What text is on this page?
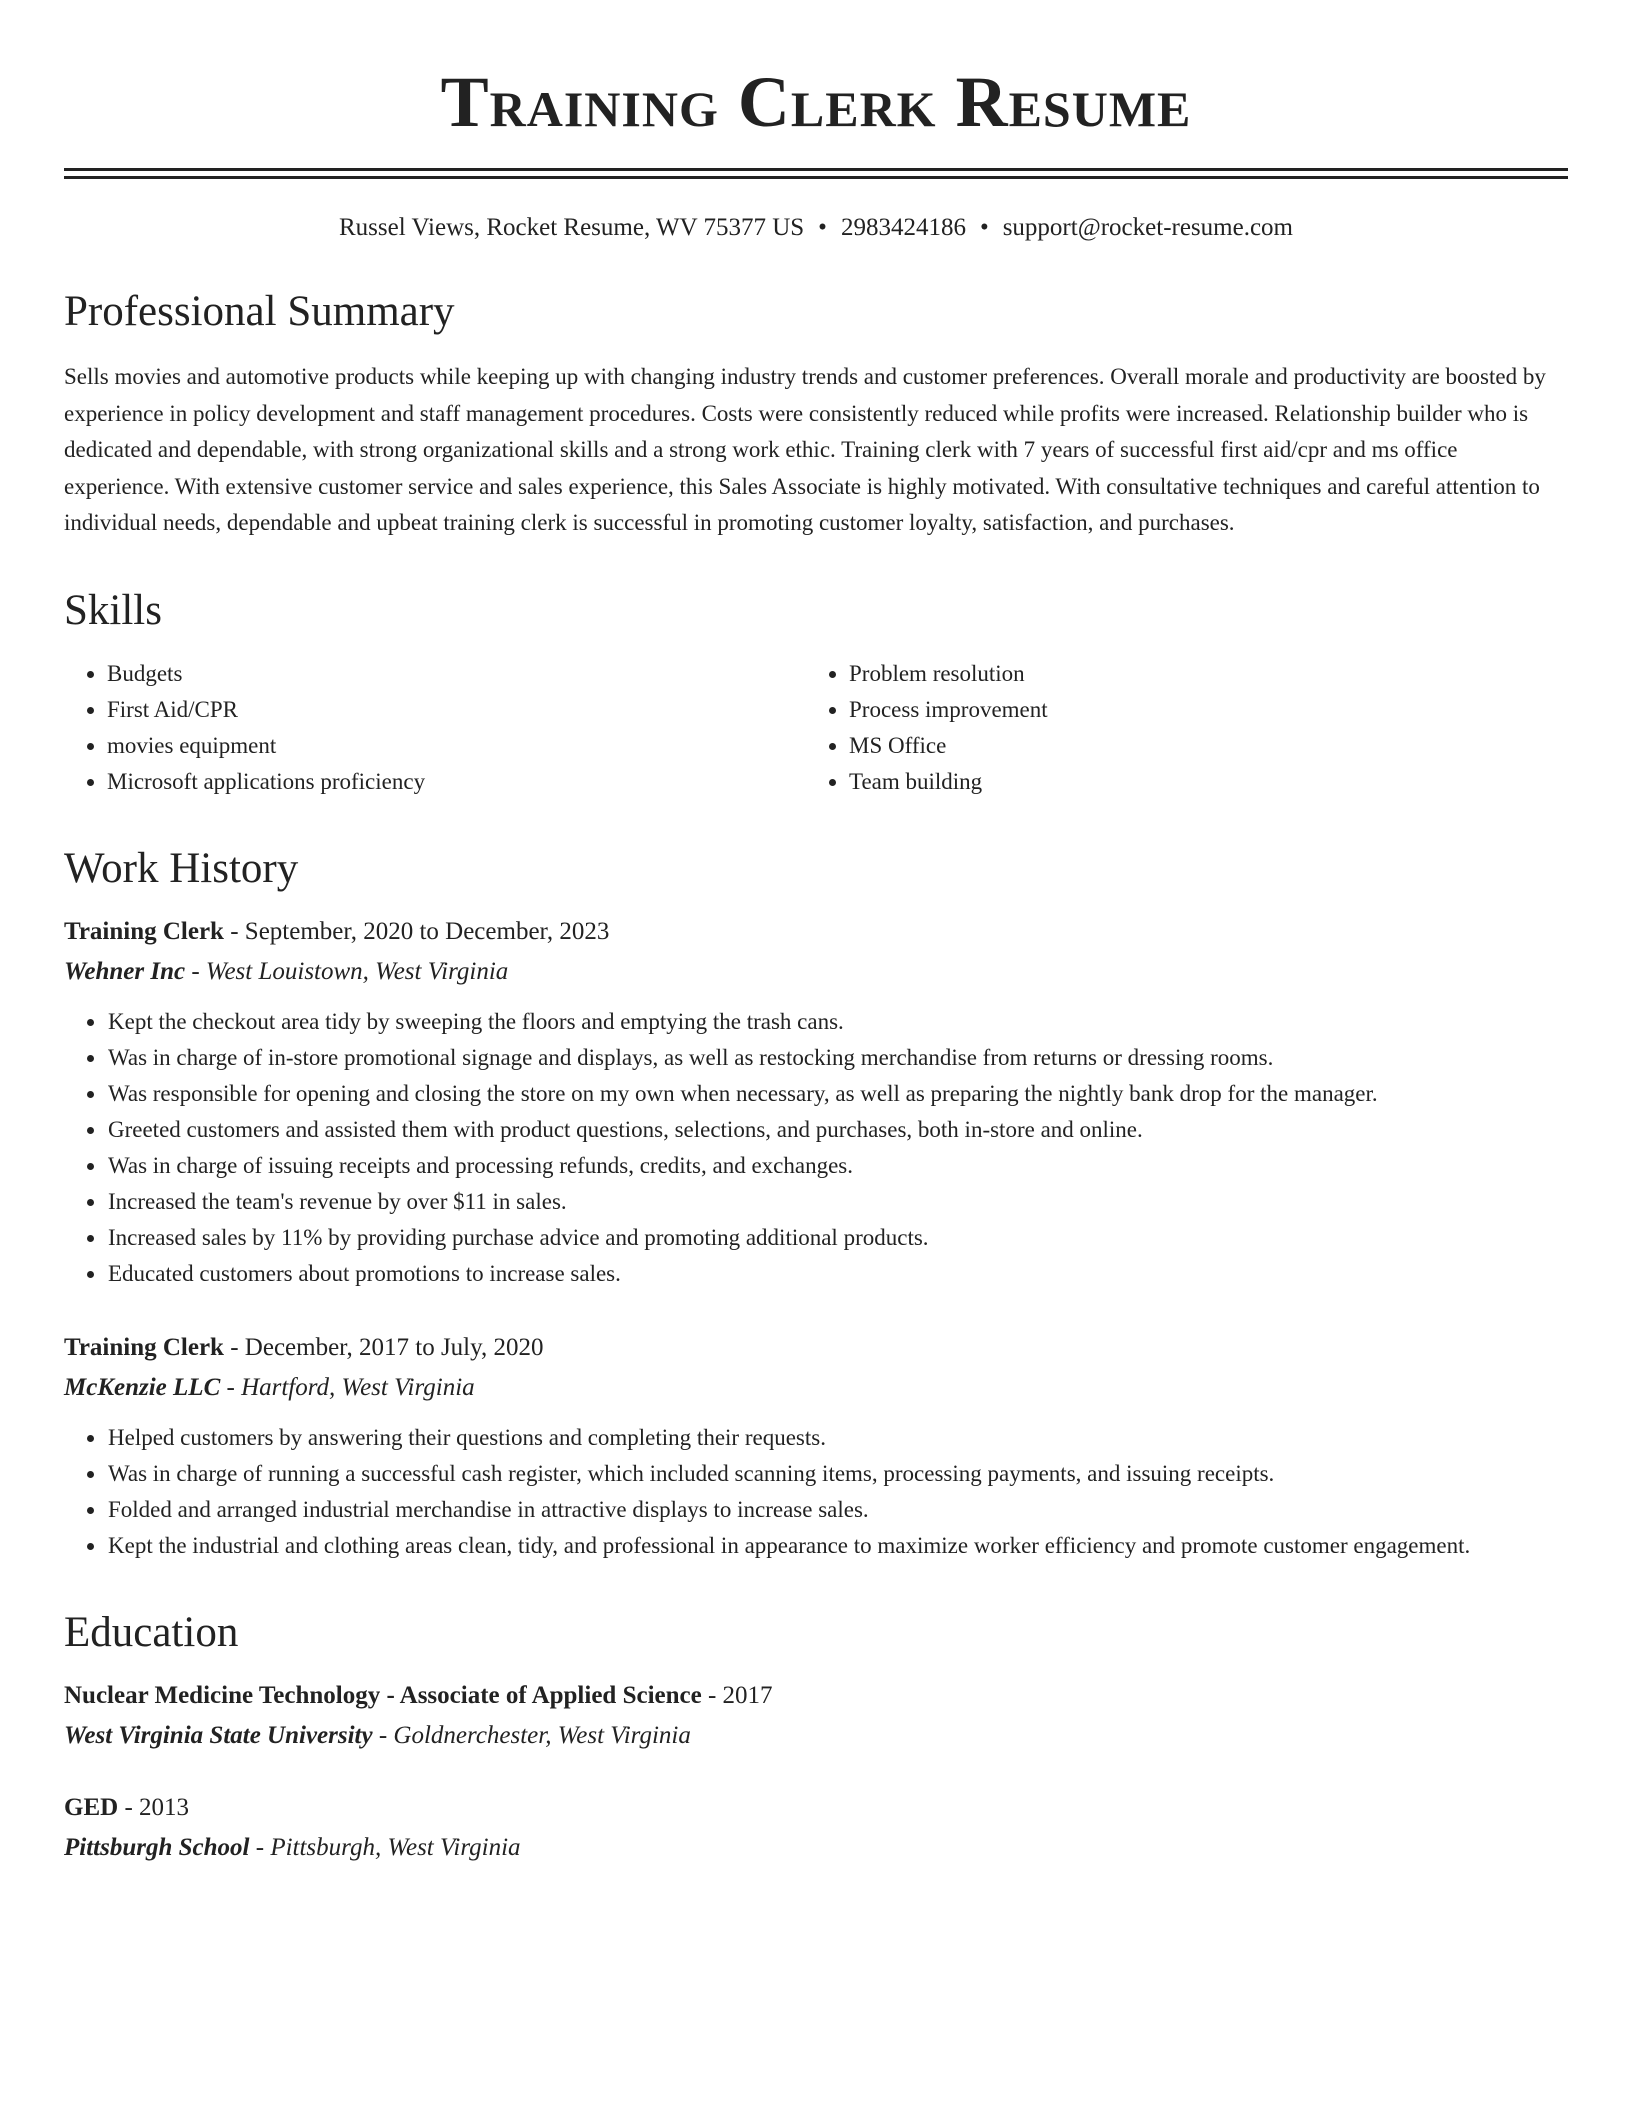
Training Clerk Resume
Russel Views, Rocket Resume, WV 75377 US • 2983424186 • support@rocket-resume.com
Professional Summary
Sells movies and automotive products while keeping up with changing industry trends and customer preferences. Overall morale and productivity are boosted by experience in policy development and staff management procedures. Costs were consistently reduced while profits were increased. Relationship builder who is dedicated and dependable, with strong organizational skills and a strong work ethic. Training clerk with 7 years of successful first aid/cpr and ms office experience. With extensive customer service and sales experience, this Sales Associate is highly motivated. With consultative techniques and careful attention to individual needs, dependable and upbeat training clerk is successful in promoting customer loyalty, satisfaction, and purchases.
Skills
• Budgets
• First Aid/CPR
• movies equipment
• Microsoft applications proficiency
• Problem resolution
• Process improvement
• MS Office
• Team building
Work History
Training Clerk - September, 2020 to December, 2023
Wehner Inc - West Louistown, West Virginia
• Kept the checkout area tidy by sweeping the floors and emptying the trash cans.
• Was in charge of in-store promotional signage and displays, as well as restocking merchandise from returns or dressing rooms.
• Was responsible for opening and closing the store on my own when necessary, as well as preparing the nightly bank drop for the manager.
• Greeted customers and assisted them with product questions, selections, and purchases, both in-store and online.
• Was in charge of issuing receipts and processing refunds, credits, and exchanges.
• Increased the team's revenue by over $11 in sales.
• Increased sales by 11% by providing purchase advice and promoting additional products.
• Educated customers about promotions to increase sales.
Training Clerk - December, 2017 to July, 2020
McKenzie LLC - Hartford, West Virginia
• Helped customers by answering their questions and completing their requests.
• Was in charge of running a successful cash register, which included scanning items, processing payments, and issuing receipts.
• Folded and arranged industrial merchandise in attractive displays to increase sales.
• Kept the industrial and clothing areas clean, tidy, and professional in appearance to maximize worker efficiency and promote customer engagement.
Education
Nuclear Medicine Technology - Associate of Applied Science - 2017
West Virginia State University - Goldnerchester, West Virginia
GED - 2013
Pittsburgh School - Pittsburgh, West Virginia
